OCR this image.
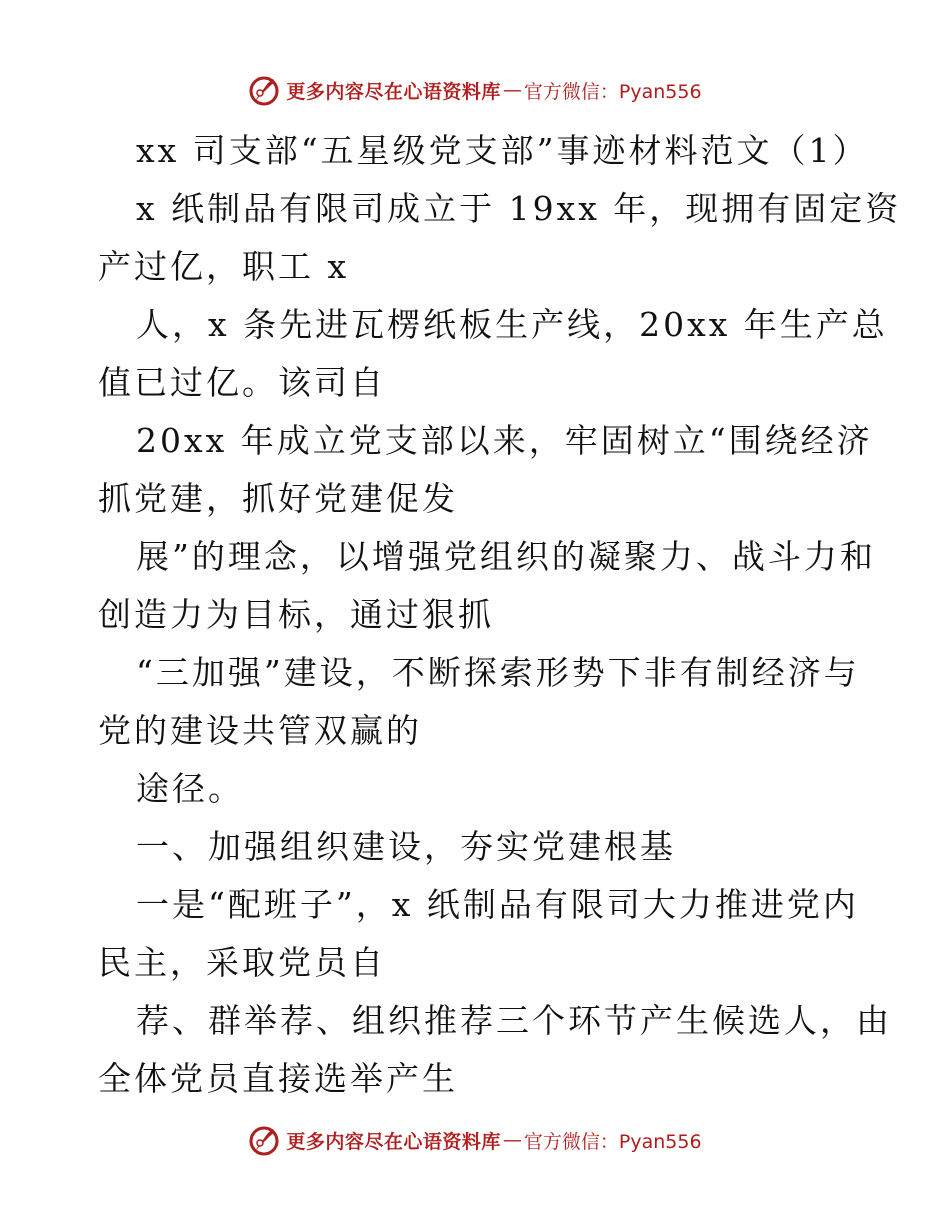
更多内容尽在心语资料库 — 官方微信：Pyan556
xx 司支部“五星级党支部”事迹材料范文（1）
x 纸制品有限司成立于 19xx 年，现拥有固定资
产过亿，职工 x
人，x 条先进瓦楞纸板生产线，20xx 年生产总
值已过亿。该司自
20xx 年成立党支部以来，牢固树立“围绕经济
抓党建，抓好党建促发
展”的理念，以增强党组织的凝聚力、战斗力和
创造力为目标，通过狠抓
“三加强”建设，不断探索形势下非有制经济与
党的建设共管双赢的
途径。
一、加强组织建设，夯实党建根基
一是“配班子”，x 纸制品有限司大力推进党内
民主，采取党员自
荐、群举荐、组织推荐三个环节产生候选人，由
全体党员直接选举产生
更多内容尽在心语资料库 — 官方微信：Pyan556
